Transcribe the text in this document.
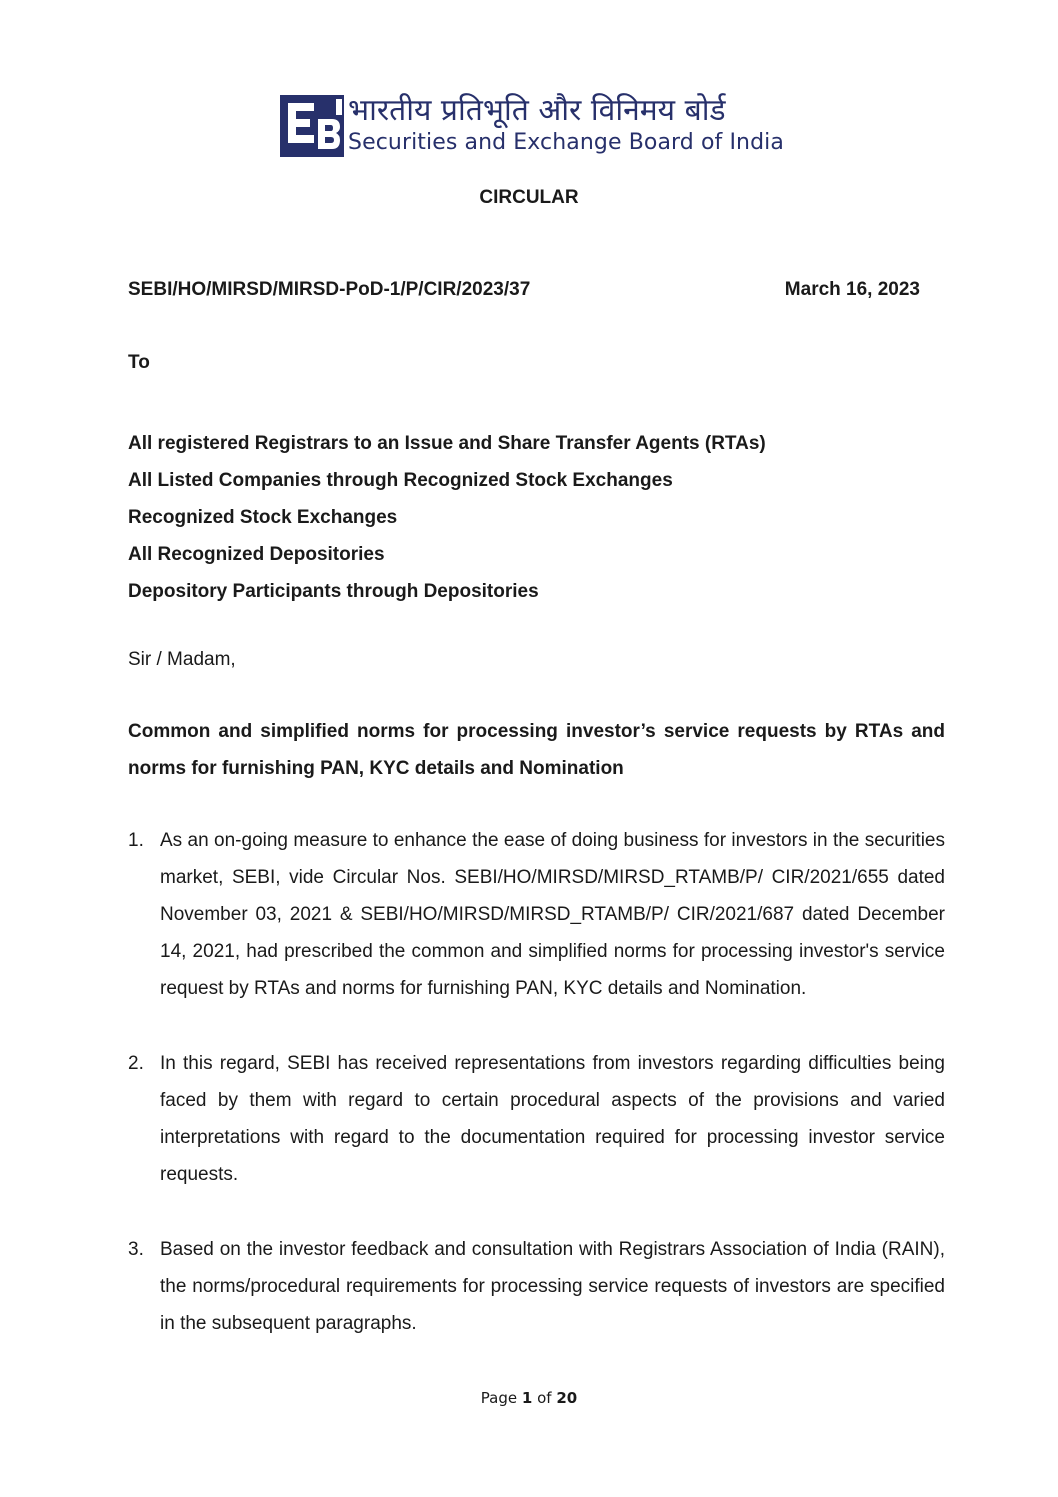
भारतीय प्रतिभूति और विनिमय बोर्ड
Securities and Exchange Board of India
CIRCULAR
SEBI/HO/MIRSD/MIRSD-PoD-1/P/CIR/2023/37	March 16, 2023
To
All registered Registrars to an Issue and Share Transfer Agents (RTAs)
All Listed Companies through Recognized Stock Exchanges
Recognized Stock Exchanges
All Recognized Depositories
Depository Participants through Depositories
Sir / Madam,
Common and simplified norms for processing investor’s service requests by RTAs and norms for furnishing PAN, KYC details and Nomination
1. As an on-going measure to enhance the ease of doing business for investors in the securities market, SEBI, vide Circular Nos. SEBI/HO/MIRSD/MIRSD_RTAMB/P/ CIR/2021/655 dated November 03, 2021 & SEBI/HO/MIRSD/MIRSD_RTAMB/P/ CIR/2021/687 dated December 14, 2021, had prescribed the common and simplified norms for processing investor's service request by RTAs and norms for furnishing PAN, KYC details and Nomination.
2. In this regard, SEBI has received representations from investors regarding difficulties being faced by them with regard to certain procedural aspects of the provisions and varied interpretations with regard to the documentation required for processing investor service requests.
3. Based on the investor feedback and consultation with Registrars Association of India (RAIN), the norms/procedural requirements for processing service requests of investors are specified in the subsequent paragraphs.
Page 1 of 20
